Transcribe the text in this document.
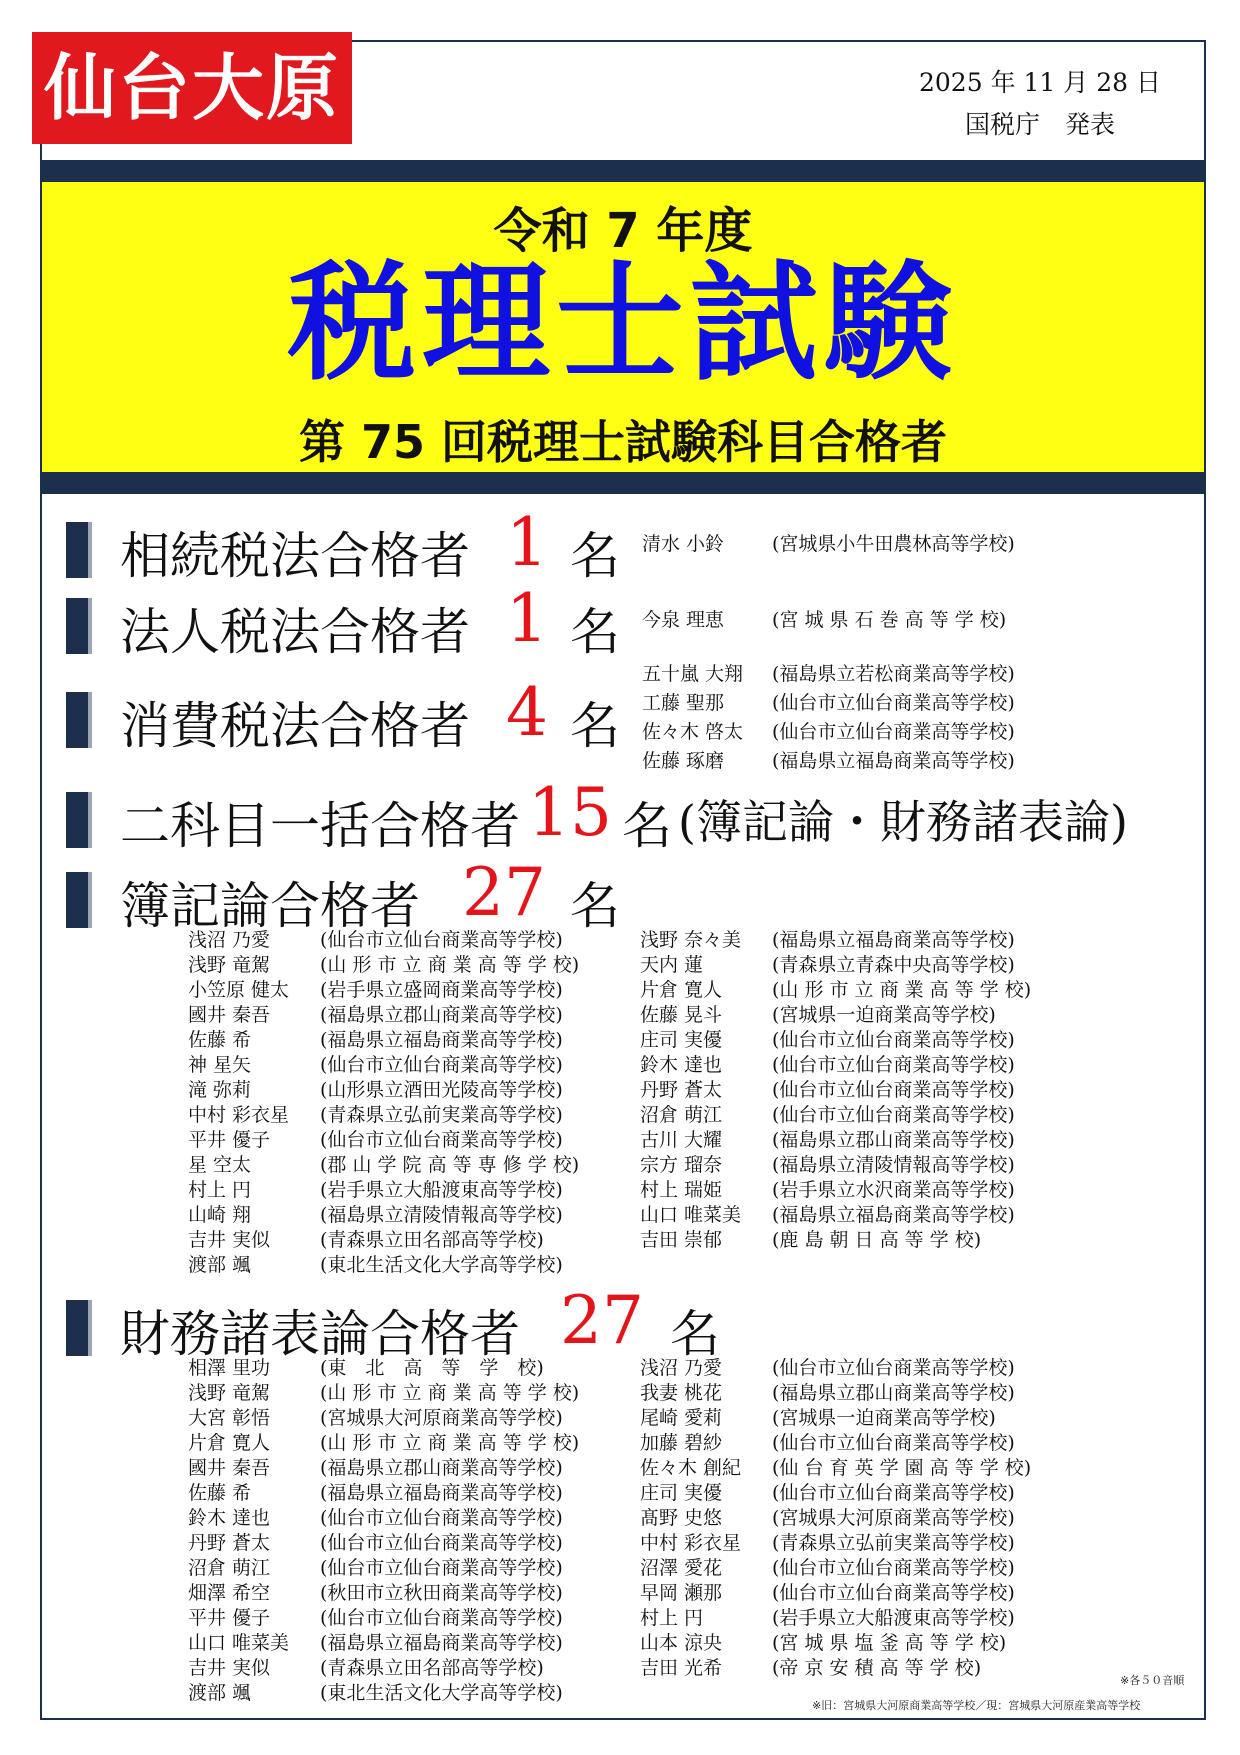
仙台大原	2025 年 11 月 28 日
国税庁　発表
令和 7 年度
税理士試験
第 75 回税理士試験科目合格者
相続税法合格者 1 名 清水 小鈴	(宮城県小牛田農林高等学校)
法人税法合格者 1 名 今泉 理恵	(宮 城 県 石 巻 高 等 学 校)
消費税法合格者 4 名
五十嵐 大翔	(福島県立若松商業高等学校)
工藤 聖那	(仙台市立仙台商業高等学校)
佐々木 啓太	(仙台市立仙台商業高等学校)
佐藤 琢磨	(福島県立福島商業高等学校)
二科目一括合格者 15 名 (簿記論・財務諸表論)
簿記論合格者 27 名
浅沼 乃愛	(仙台市立仙台商業高等学校)
浅野 竜駕	(山 形 市 立 商 業 高 等 学 校)
小笠原 健太	(岩手県立盛岡商業高等学校)
國井 秦吾	(福島県立郡山商業高等学校)
佐藤 希	(福島県立福島商業高等学校)
神 星矢	(仙台市立仙台商業高等学校)
滝 弥莉	(山形県立酒田光陵高等学校)
中村 彩衣星	(青森県立弘前実業高等学校)
平井 優子	(仙台市立仙台商業高等学校)
星 空太	(郡 山 学 院 高 等 専 修 学 校)
村上 円	(岩手県立大船渡東高等学校)
山崎 翔	(福島県立清陵情報高等学校)
吉井 実似	(青森県立田名部高等学校)
渡部 颯	(東北生活文化大学高等学校)
浅野 奈々美	(福島県立福島商業高等学校)
天内 蓮	(青森県立青森中央高等学校)
片倉 寛人	(山 形 市 立 商 業 高 等 学 校)
佐藤 晃斗	(宮城県一迫商業高等学校)
庄司 実優	(仙台市立仙台商業高等学校)
鈴木 達也	(仙台市立仙台商業高等学校)
丹野 蒼太	(仙台市立仙台商業高等学校)
沼倉 萌江	(仙台市立仙台商業高等学校)
古川 大耀	(福島県立郡山商業高等学校)
宗方 瑠奈	(福島県立清陵情報高等学校)
村上 瑞姫	(岩手県立水沢商業高等学校)
山口 唯菜美	(福島県立福島商業高等学校)
吉田 崇郁	(鹿 島 朝 日 高 等 学 校)
財務諸表論合格者 27 名
相澤 里功	(東　北　高　等　学　校)
浅野 竜駕	(山 形 市 立 商 業 高 等 学 校)
大宮 彰悟	(宮城県大河原商業高等学校)
片倉 寛人	(山 形 市 立 商 業 高 等 学 校)
國井 秦吾	(福島県立郡山商業高等学校)
佐藤 希	(福島県立福島商業高等学校)
鈴木 達也	(仙台市立仙台商業高等学校)
丹野 蒼太	(仙台市立仙台商業高等学校)
沼倉 萌江	(仙台市立仙台商業高等学校)
畑澤 希空	(秋田市立秋田商業高等学校)
平井 優子	(仙台市立仙台商業高等学校)
山口 唯菜美	(福島県立福島商業高等学校)
吉井 実似	(青森県立田名部高等学校)
渡部 颯	(東北生活文化大学高等学校)
浅沼 乃愛	(仙台市立仙台商業高等学校)
我妻 桃花	(福島県立郡山商業高等学校)
尾崎 愛莉	(宮城県一迫商業高等学校)
加藤 碧紗	(仙台市立仙台商業高等学校)
佐々木 創紀	(仙 台 育 英 学 園 高 等 学 校)
庄司 実優	(仙台市立仙台商業高等学校)
髙野 史悠	(宮城県大河原商業高等学校)
中村 彩衣星	(青森県立弘前実業高等学校)
沼澤 愛花	(仙台市立仙台商業高等学校)
早岡 瀬那	(仙台市立仙台商業高等学校)
村上 円	(岩手県立大船渡東高等学校)
山本 涼央	(宮 城 県 塩 釜 高 等 学 校)
吉田 光希	(帝 京 安 積 高 等 学 校)
※各５０音順
※旧：宮城県大河原商業高等学校／現：宮城県大河原産業高等学校
